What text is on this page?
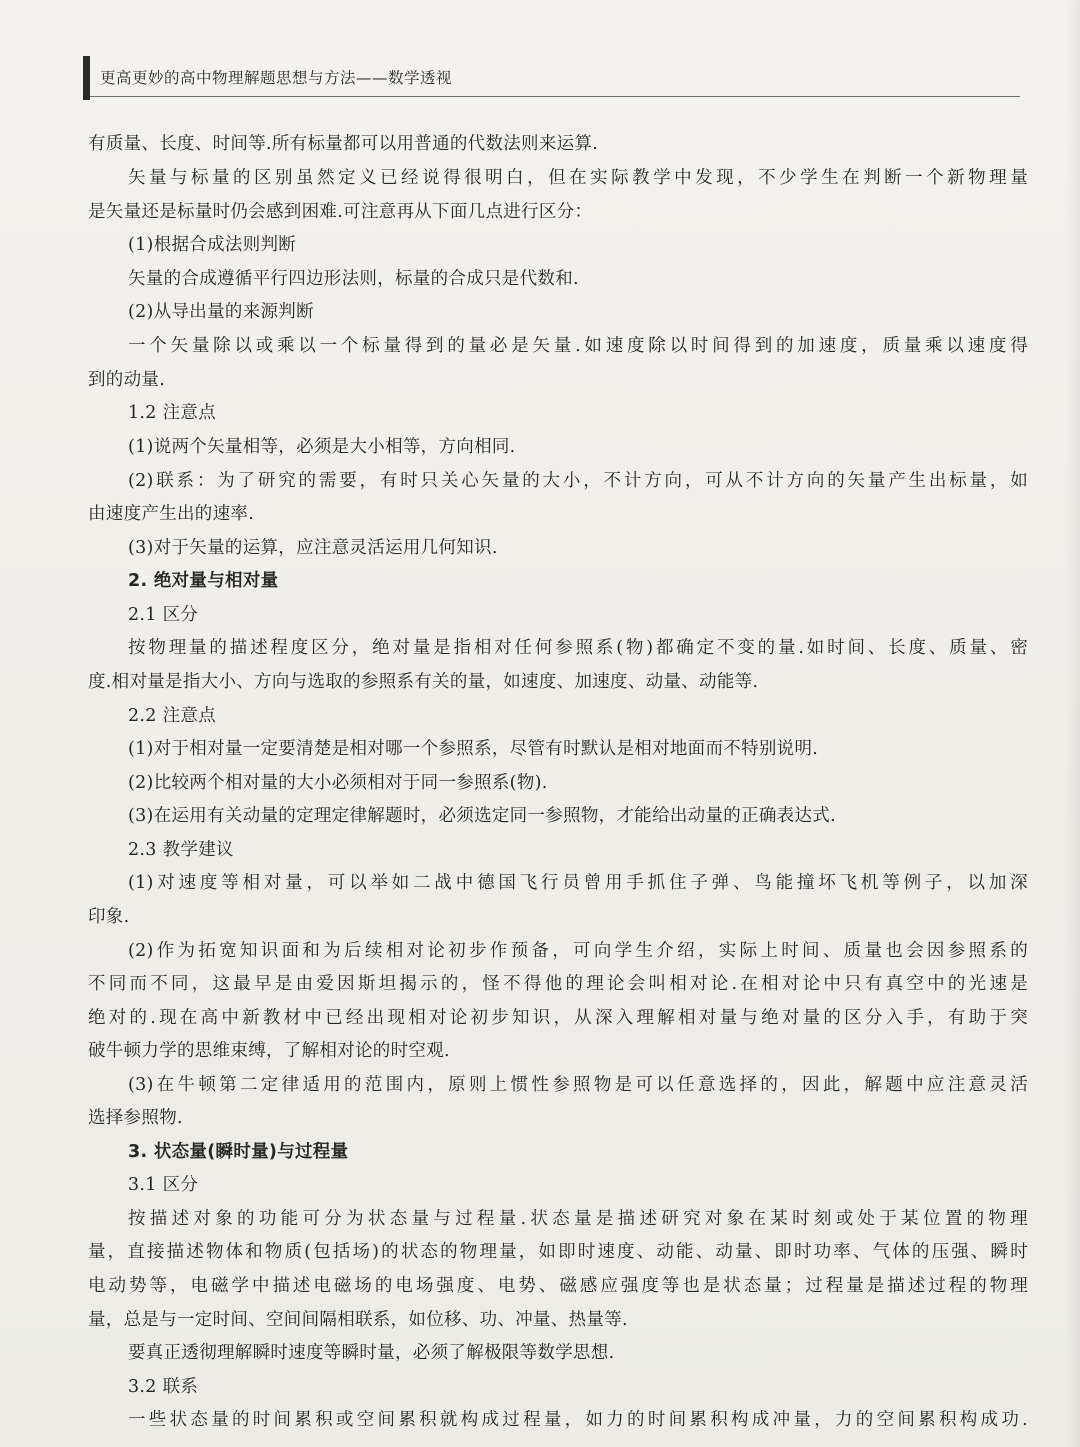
更高更妙的高中物理解题思想与方法——数学透视
有质量、长度、时间等.所有标量都可以用普通的代数法则来运算.
矢量与标量的区别虽然定义已经说得很明白，但在实际教学中发现，不少学生在判断一个新物理量
是矢量还是标量时仍会感到困难.可注意再从下面几点进行区分：
(1)根据合成法则判断
矢量的合成遵循平行四边形法则，标量的合成只是代数和.
(2)从导出量的来源判断
一个矢量除以或乘以一个标量得到的量必是矢量.如速度除以时间得到的加速度，质量乘以速度得
到的动量.
1.2 注意点
(1)说两个矢量相等，必须是大小相等，方向相同.
(2)联系：为了研究的需要，有时只关心矢量的大小，不计方向，可从不计方向的矢量产生出标量，如
由速度产生出的速率.
(3)对于矢量的运算，应注意灵活运用几何知识.
2. 绝对量与相对量
2.1 区分
按物理量的描述程度区分，绝对量是指相对任何参照系(物)都确定不变的量.如时间、长度、质量、密
度.相对量是指大小、方向与选取的参照系有关的量，如速度、加速度、动量、动能等.
2.2 注意点
(1)对于相对量一定要清楚是相对哪一个参照系，尽管有时默认是相对地面而不特别说明.
(2)比较两个相对量的大小必须相对于同一参照系(物).
(3)在运用有关动量的定理定律解题时，必须选定同一参照物，才能给出动量的正确表达式.
2.3 教学建议
(1)对速度等相对量，可以举如二战中德国飞行员曾用手抓住子弹、鸟能撞坏飞机等例子，以加深
印象.
(2)作为拓宽知识面和为后续相对论初步作预备，可向学生介绍，实际上时间、质量也会因参照系的
不同而不同，这最早是由爱因斯坦揭示的，怪不得他的理论会叫相对论.在相对论中只有真空中的光速是
绝对的.现在高中新教材中已经出现相对论初步知识，从深入理解相对量与绝对量的区分入手，有助于突
破牛顿力学的思维束缚，了解相对论的时空观.
(3)在牛顿第二定律适用的范围内，原则上惯性参照物是可以任意选择的，因此，解题中应注意灵活
选择参照物.
3. 状态量(瞬时量)与过程量
3.1 区分
按描述对象的功能可分为状态量与过程量.状态量是描述研究对象在某时刻或处于某位置的物理
量，直接描述物体和物质(包括场)的状态的物理量，如即时速度、动能、动量、即时功率、气体的压强、瞬时
电动势等，电磁学中描述电磁场的电场强度、电势、磁感应强度等也是状态量；过程量是描述过程的物理
量，总是与一定时间、空间间隔相联系，如位移、功、冲量、热量等.
要真正透彻理解瞬时速度等瞬时量，必须了解极限等数学思想.
3.2 联系
一些状态量的时间累积或空间累积就构成过程量，如力的时间累积构成冲量，力的空间累积构成功.
